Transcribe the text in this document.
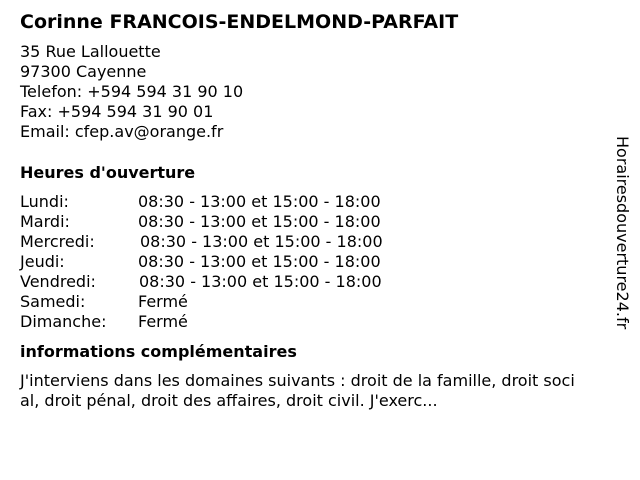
Corinne FRANCOIS-ENDELMOND-PARFAIT
35 Rue Lallouette
97300 Cayenne
Telefon: +594 594 31 90 10
Fax: +594 594 31 90 01
Email: cfep.av@orange.fr
Heures d'ouverture
Lundi:	08:30 - 13:00 et 15:00 - 18:00
Mardi:	08:30 - 13:00 et 15:00 - 18:00
Mercredi:	08:30 - 13:00 et 15:00 - 18:00
Jeudi:	08:30 - 13:00 et 15:00 - 18:00
Vendredi:	08:30 - 13:00 et 15:00 - 18:00
Samedi:	Fermé
Dimanche:	Fermé
informations complémentaires
J'interviens dans les domaines suivants : droit de la famille, droit social, droit pénal, droit des affaires, droit civil. J'exerc...
Horairesdouverture24.fr
